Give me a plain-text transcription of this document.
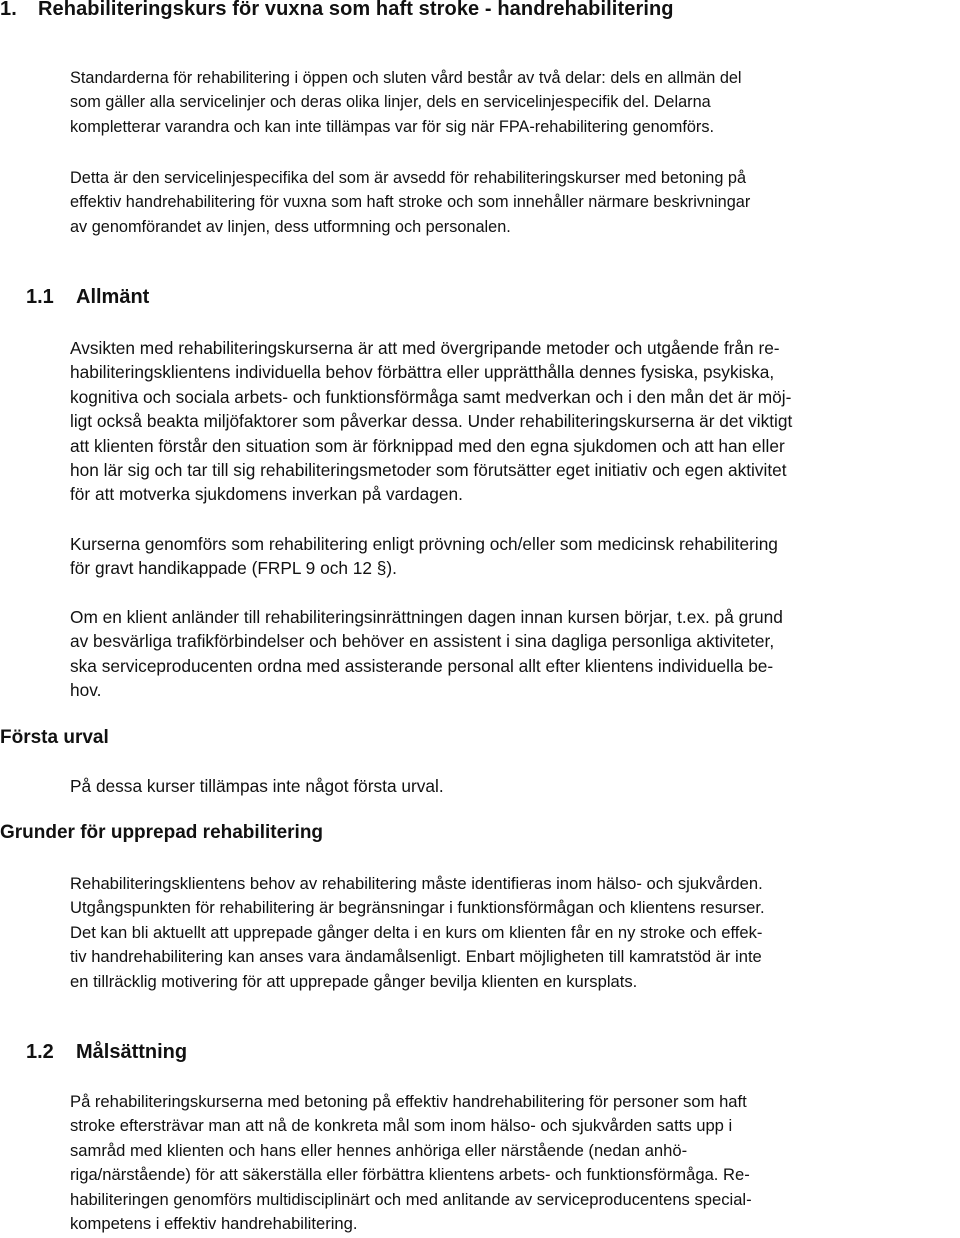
1. Rehabiliteringskurs för vuxna som haft stroke - handrehabilitering

Standarderna för rehabilitering i öppen och sluten vård består av två delar: dels en allmän del
som gäller alla servicelinjer och deras olika linjer, dels en servicelinjespecifik del. Delarna
kompletterar varandra och kan inte tillämpas var för sig när FPA-rehabilitering genomförs.

Detta är den servicelinjespecifika del som är avsedd för rehabiliteringskurser med betoning på
effektiv handrehabilitering för vuxna som haft stroke och som innehåller närmare beskrivningar
av genomförandet av linjen, dess utformning och personalen.

1.1 Allmänt

Avsikten med rehabiliteringskurserna är att med övergripande metoder och utgående från re-
habiliteringsklientens individuella behov förbättra eller upprätthålla dennes fysiska, psykiska,
kognitiva och sociala arbets- och funktionsförmåga samt medverkan och i den mån det är möj-
ligt också beakta miljöfaktorer som påverkar dessa. Under rehabiliteringskurserna är det viktigt
att klienten förstår den situation som är förknippad med den egna sjukdomen och att han eller
hon lär sig och tar till sig rehabiliteringsmetoder som förutsätter eget initiativ och egen aktivitet
för att motverka sjukdomens inverkan på vardagen.

Kurserna genomförs som rehabilitering enligt prövning och/eller som medicinsk rehabilitering
för gravt handikappade (FRPL 9 och 12 §).

Om en klient anländer till rehabiliteringsinrättningen dagen innan kursen börjar, t.ex. på grund
av besvärliga trafikförbindelser och behöver en assistent i sina dagliga personliga aktiviteter,
ska serviceproducenten ordna med assisterande personal allt efter klientens individuella be-
hov.

Första urval

På dessa kurser tillämpas inte något första urval.

Grunder för upprepad rehabilitering

Rehabiliteringsklientens behov av rehabilitering måste identifieras inom hälso- och sjukvården.
Utgångspunkten för rehabilitering är begränsningar i funktionsförmågan och klientens resurser.
Det kan bli aktuellt att upprepade gånger delta i en kurs om klienten får en ny stroke och effek-
tiv handrehabilitering kan anses vara ändamålsenligt. Enbart möjligheten till kamratstöd är inte
en tillräcklig motivering för att upprepade gånger bevilja klienten en kursplats.

1.2 Målsättning

På rehabiliteringskurserna med betoning på effektiv handrehabilitering för personer som haft
stroke eftersträvar man att nå de konkreta mål som inom hälso- och sjukvården satts upp i
samråd med klienten och hans eller hennes anhöriga eller närstående (nedan anhö-
riga/närstående) för att säkerställa eller förbättra klientens arbets- och funktionsförmåga. Re-
habiliteringen genomförs multidisciplinärt och med anlitande av serviceproducentens special-
kompetens i effektiv handrehabilitering.
